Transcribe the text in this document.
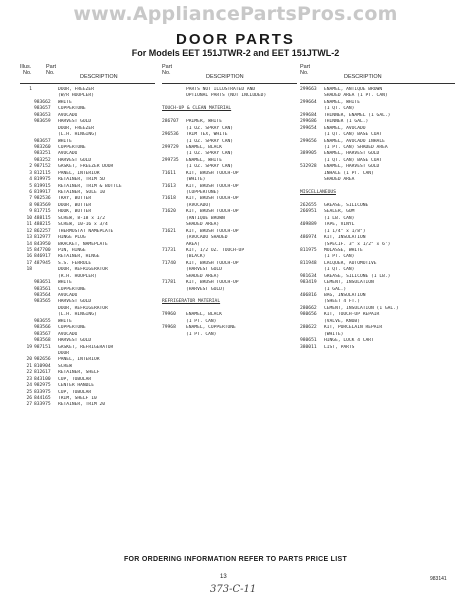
www.AppliancePartsPros.com
DOOR PARTS
For Models EET 151JTWR-2 and EET 151JTWL-2
Illus.
No.
Part
No.
DESCRIPTION
1	DOOR, FREEZER
(W/R HOOPLER)
983662	WHITE
983657	COPPERTONE
983653	AVOCADO
983659	HARVEST GOLD
DOOR, FREEZER
(L.H. HINGING)
983657	WHITE
983260	COPPERTONE
983251	AVOCADO
983252	HARVEST GOLD
2 987152	GASKET, FREEZER DOOR
3 812115	PANEL, INTERIOR
4 819975	RETAINER, TRIM 5D
5 819915	RETAINER, TRIM & BOTTLE
6 819917	RETAINER, SOLE 10
7 982536	TRAY, BUTTER
8 983569	DOOR, BUTTER
9 817715	HOOK, BUTTER
10 488115	SCREW, 8-18 x 1/2
11 488215	SCREW, 10-16 x 3/4
12 862257	THERMOSTAT NAMEPLATE
13 812977	HINGE PLUG
14 843950	BRACKET, NAMEPLATE
15 847700	PIN, HINGE
16 846917	RETAINER, HINGE
17 487945	S.S. FERRULE
18	DOOR, REFRIGERATOR
(R.H. HOOPLER)
983651	WHITE
983561	COPPERTONE
983564	AVOCADO
983565	HARVEST GOLD
DOOR, REFRIGERATOR
(L.H. HINGING)
983655	WHITE
983566	COPPERTONE
983567	AVOCADO
983568	HARVEST GOLD
19 987151	GASKET, REFRIGERATOR
DOOR
20 982656	PANEL, INTERIOR
21 810904	SCREW
22 812617	RETAINER, SHELF
23 843100	CUP, TUBULAR
24 982975	CENTER HANDLE
25 833975	CUP, TUBULAR
26 844165	TRIM, SHELF 10
27 833975	RETAINER, TRIM 20
Part
No.
DESCRIPTION
PARTS NOT ILLUSTRATED AND
OPTIONAL PARTS (NOT INCLUDED)
TOUCH-UP & CLEAN MATERIAL
286707	PRIMER, WHITE
(1 OZ. SPRAY CAN)
296536	TRIM TEX, WHITE
(1 OZ. SPRAY CAN)
299729	ENAMEL, BLACK
(1 OZ. SPRAY CAN)
299735	ENAMEL, WHITE
(1 OZ. SPRAY CAN)
71611	KIT, BRUSH TOUCH-UP
(WHITE)
71613	KIT, BRUSH TOUCH-UP
(COPPERTONE)
71618	KIT, BRUSH TOUCH-UP
(AVOCADO)
71620	KIT, BRUSH TOUCH-UP
(ANTIQUE BROWN
SHADED AREA)
71621	KIT, BRUSH TOUCH-UP
(AVOCADO SHADED
AREA)
71731	KIT, 1/2 OZ. TOUCH-UP
(BLACK)
71740	KIT, BRUSH TOUCH-UP
(HARVEST GOLD
SHADED AREA)
71781	KIT, BRUSH TOUCH-UP
(HARVEST GOLD)
REFRIGERATOR MATERIAL
79960	ENAMEL, BLACK
(1 PT. CAN)
79968	ENAMEL, COPPERTONE
(1 PT. CAN)
Part
No.
DESCRIPTION
299663	ENAMEL, ANTIQUE BROWN
SHADED AREA (1 PT. CAN)
299664	ENAMEL, WHITE
(1 QT. CAN)
299684	THINNER, ENAMEL (1 GAL.)
299686	THINNER (1 GAL.)
299654	ENAMEL, AVOCADO
(1 QT. CAN) BASE COAT
299656	ENAMEL, AVOCADO INHALE
(1 PT. CAN) SHADED AREA
389905	ENAMEL, HARVEST GOLD
(1 QT. CAN) BASE COAT
532928	ENAMEL, HARVEST GOLD
INHALE (1 PT. CAN)
SHADED AREA
MISCELLANEOUS
262655	GREASE, SILICONE
266951	SEALER, GUM
(1 LB. CAN)
409889	TAPE, VINYL
(1 1/4" x 1/8")
486974	KIT, INSULATION
(SPECIF. 3" x 1/2" x 6')
811975	MOLASSE, WHITE
(1 PT. CAN)
811948	LACQUER, AUTOMOTIVE
(1 QT. CAN)
981634	GREASE, SILICONE (1 LB.)
983419	CEMENT, INSULATION
(1 GAL.)
406816	BAG, INSULATION
(SHEET 4 FT.)
280662	CEMENT, INSULATION (1 GAL.)
980656	KIT, TOUCH-UP REPAIR
(VALVE, KNOB)
280622	KIT, PORCELAIN REPAIR
(WHITE)
980651	HINGE, LOCK 4 CART
380011	LIST, PARTS
FOR ORDERING INFORMATION REFER TO PARTS PRICE LIST
13	983141
373-C-11
